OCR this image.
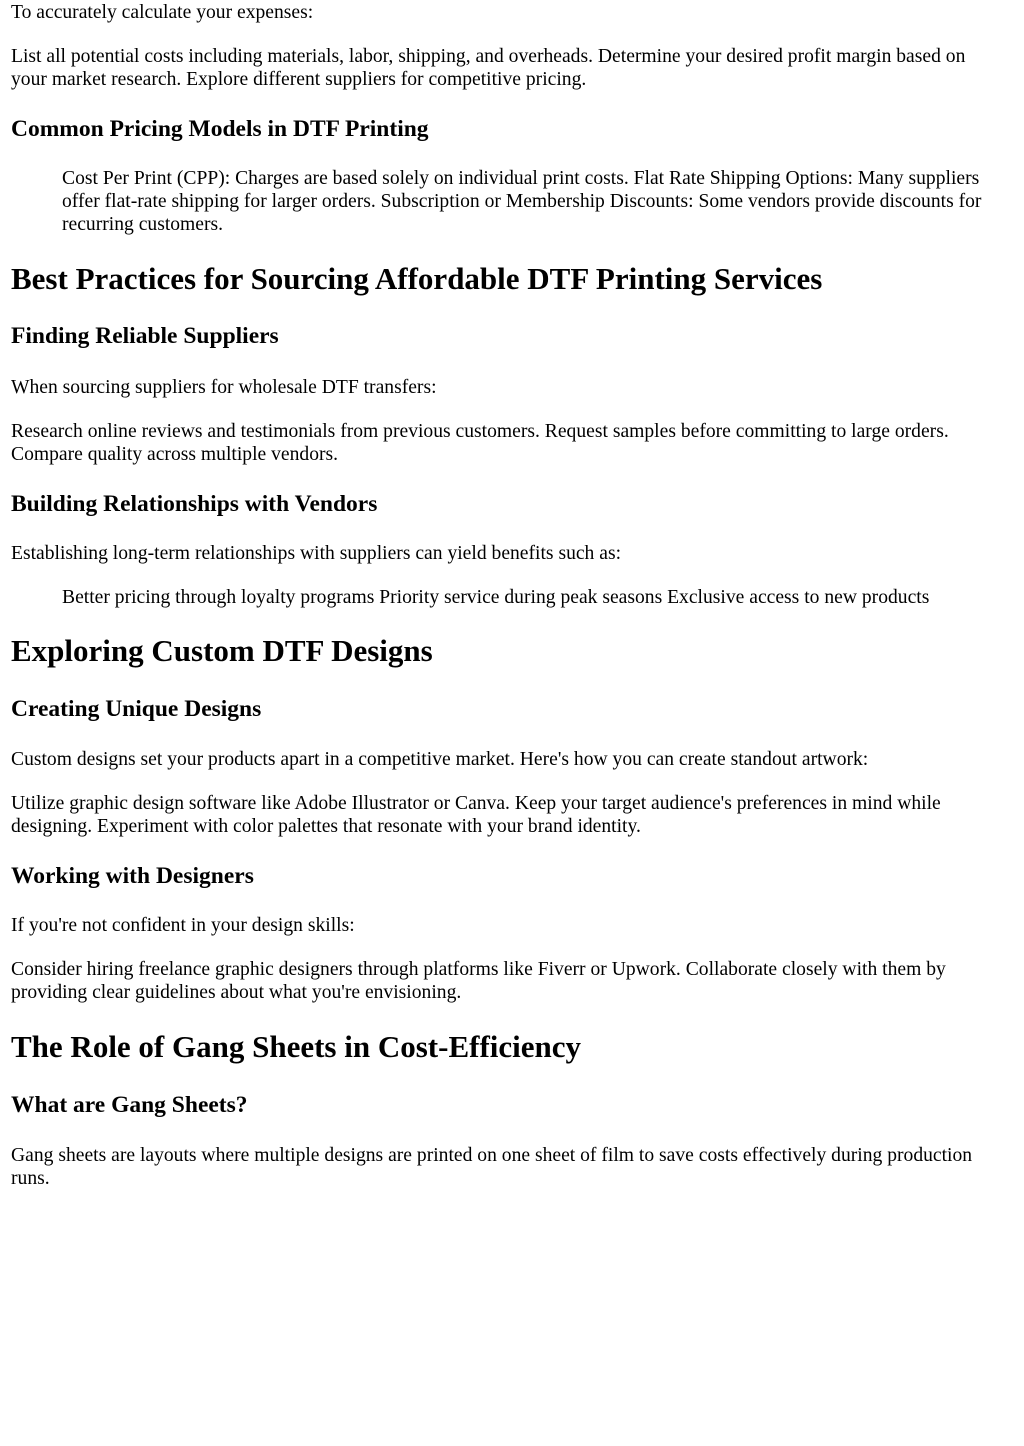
To accurately calculate your expenses:

List all potential costs including materials, labor, shipping, and overheads. Determine your desired profit margin based on your market research. Explore different suppliers for competitive pricing.

Common Pricing Models in DTF Printing

Cost Per Print (CPP): Charges are based solely on individual print costs. Flat Rate Shipping Options: Many suppliers offer flat-rate shipping for larger orders. Subscription or Membership Discounts: Some vendors provide discounts for recurring customers.

Best Practices for Sourcing Affordable DTF Printing Services
Finding Reliable Suppliers

When sourcing suppliers for wholesale DTF transfers:

Research online reviews and testimonials from previous customers. Request samples before committing to large orders. Compare quality across multiple vendors.

Building Relationships with Vendors

Establishing long-term relationships with suppliers can yield benefits such as:

Better pricing through loyalty programs Priority service during peak seasons Exclusive access to new products

Exploring Custom DTF Designs
Creating Unique Designs

Custom designs set your products apart in a competitive market. Here's how you can create standout artwork:

Utilize graphic design software like Adobe Illustrator or Canva. Keep your target audience's preferences in mind while designing. Experiment with color palettes that resonate with your brand identity.

Working with Designers

If you're not confident in your design skills:

Consider hiring freelance graphic designers through platforms like Fiverr or Upwork. Collaborate closely with them by providing clear guidelines about what you're envisioning.

The Role of Gang Sheets in Cost-Efficiency
What are Gang Sheets?

Gang sheets are layouts where multiple designs are printed on one sheet of film to save costs effectively during production runs.
